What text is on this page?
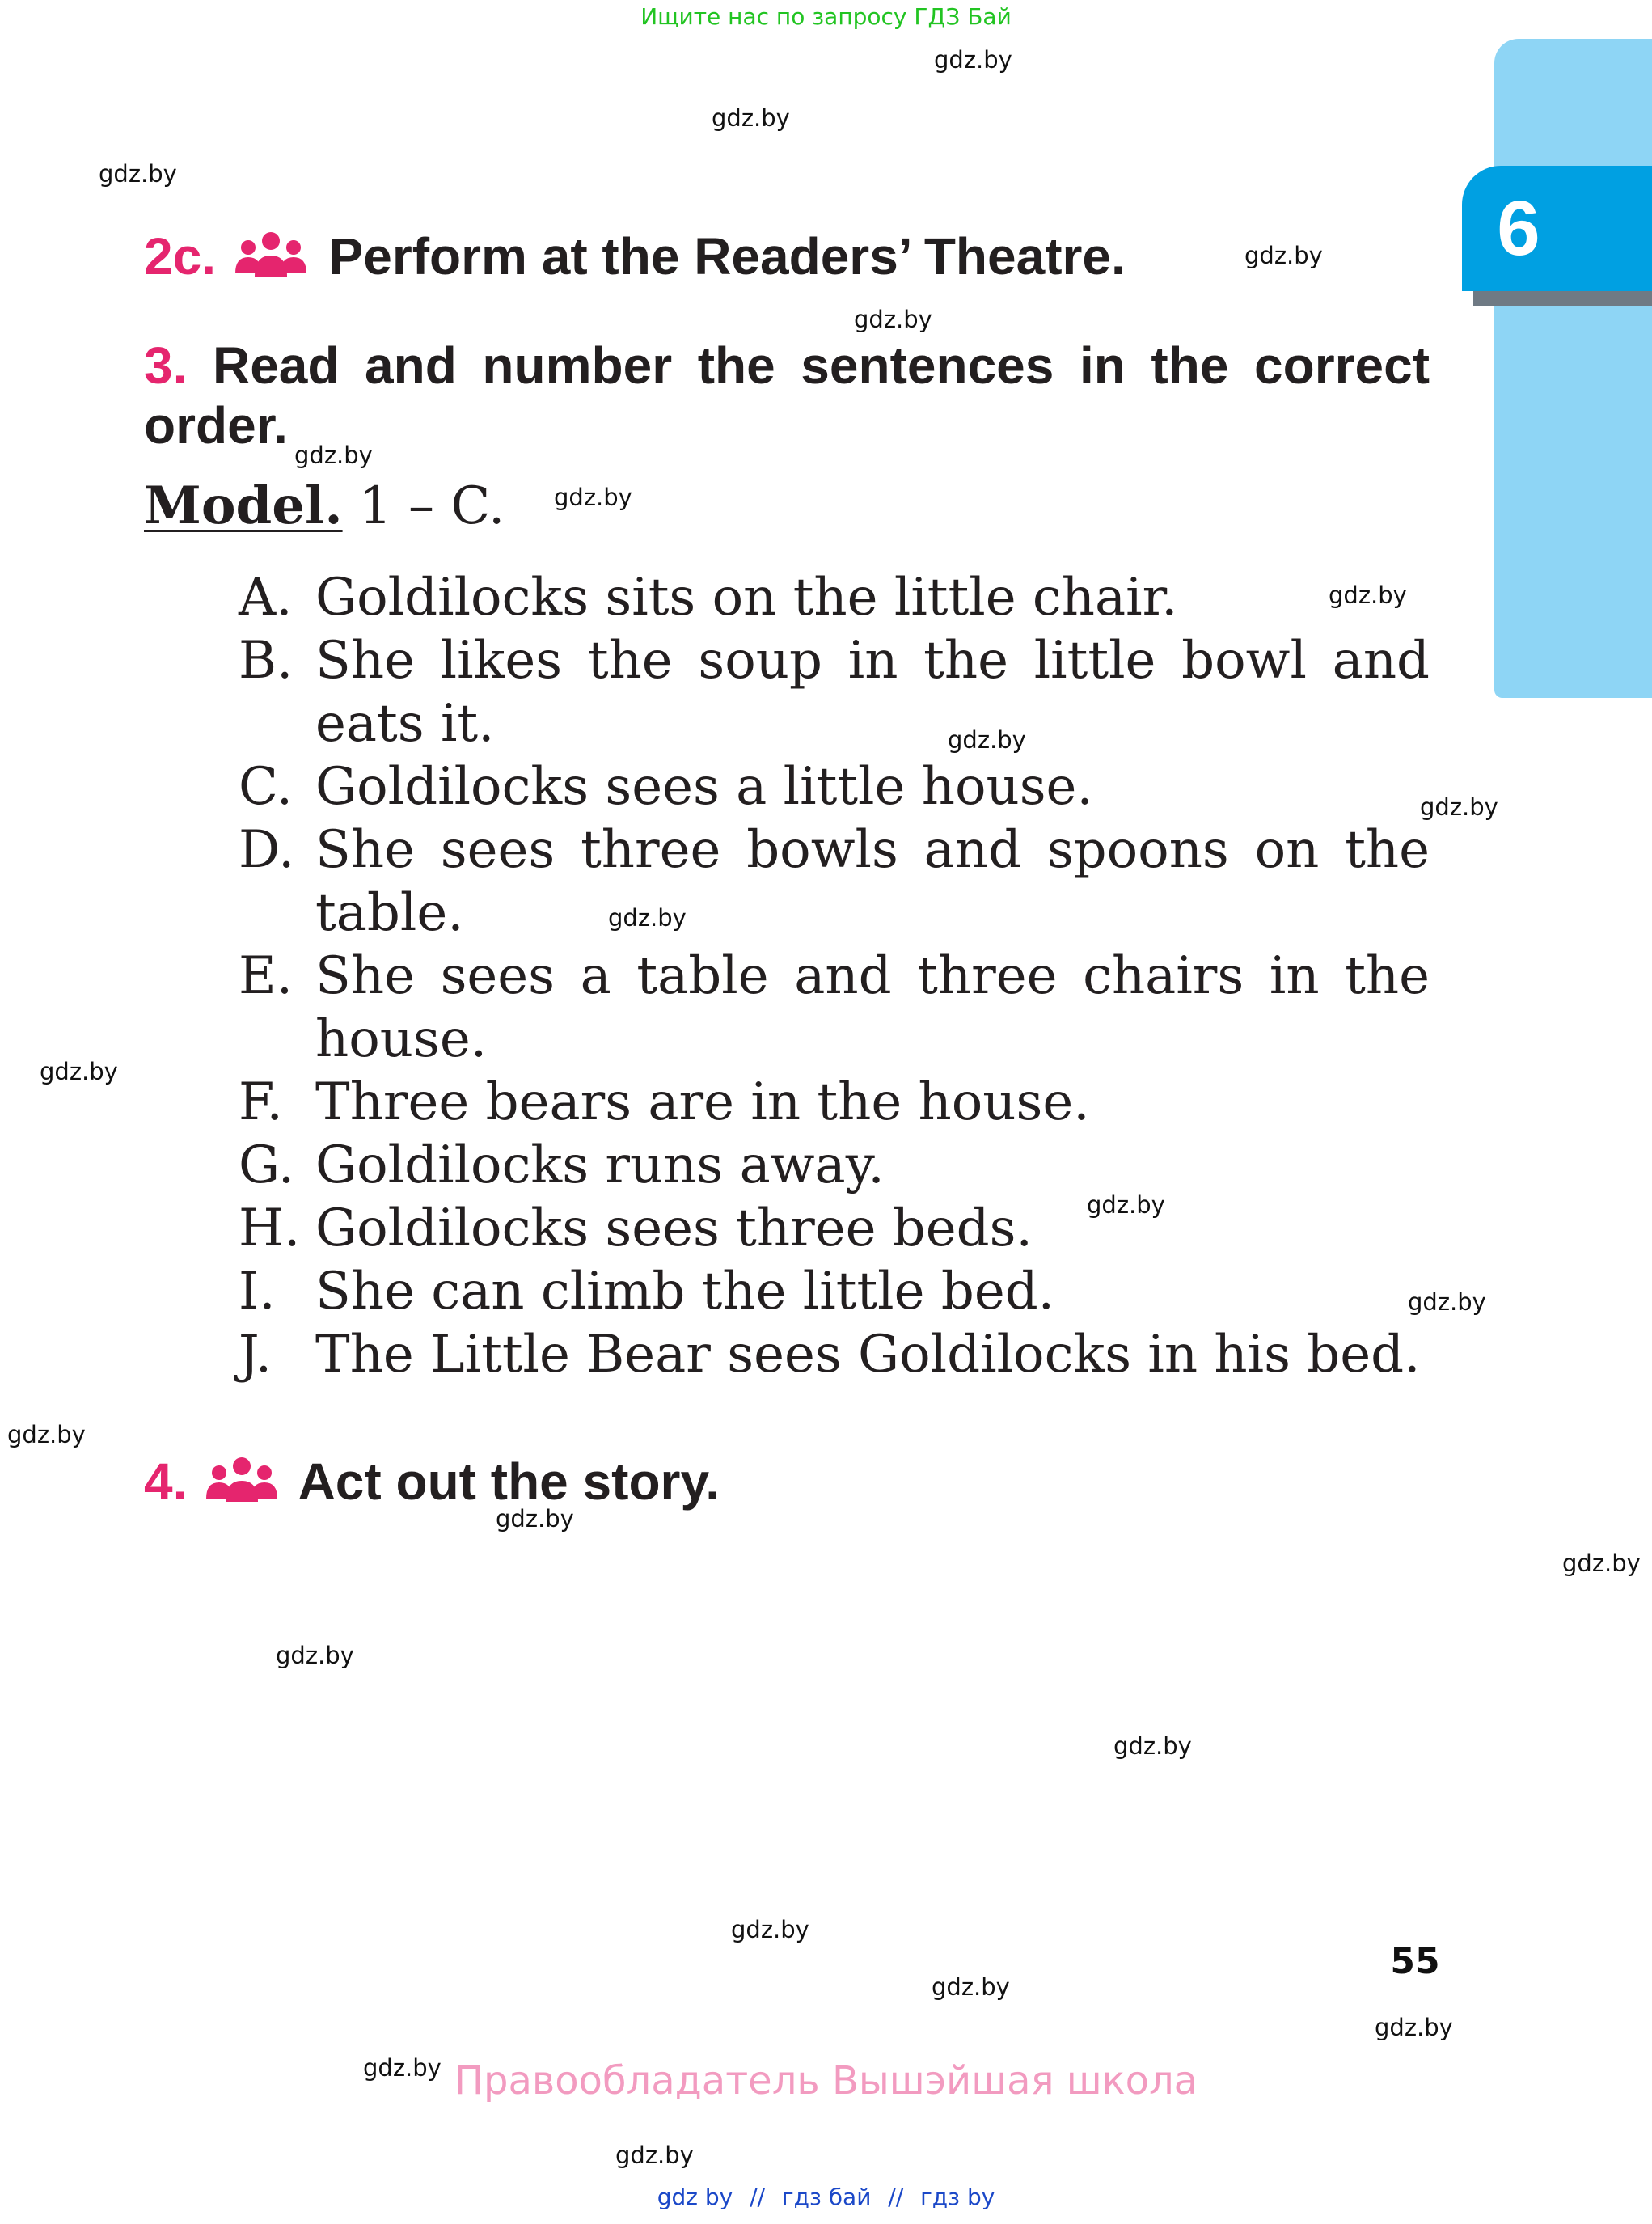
Ищите нас по запросу ГДЗ Бай
6
2c. Perform at the Readers’ Theatre.
3. Read and number the sentences in the correct order.
Model. 1 – C.
A. Goldilocks sits on the little chair.
B. She likes the soup in the little bowl and eats it.
C. Goldilocks sees a little house.
D. She sees three bowls and spoons on the table.
E. She sees a table and three chairs in the house.
F. Three bears are in the house.
G. Goldilocks runs away.
H. Goldilocks sees three beds.
I. She can climb the little bed.
J. The Little Bear sees Goldilocks in his bed.
4. Act out the story.
55
Правообладатель Вышэйшая школа
gdz by // гдз бай // гдз by
gdz.by
gdz.by
gdz.by
gdz.by
gdz.by
gdz.by
gdz.by
gdz.by
gdz.by
gdz.by
gdz.by
gdz.by
gdz.by
gdz.by
gdz.by
gdz.by
gdz.by
gdz.by
gdz.by
gdz.by
gdz.by
gdz.by
gdz.by
gdz.by
